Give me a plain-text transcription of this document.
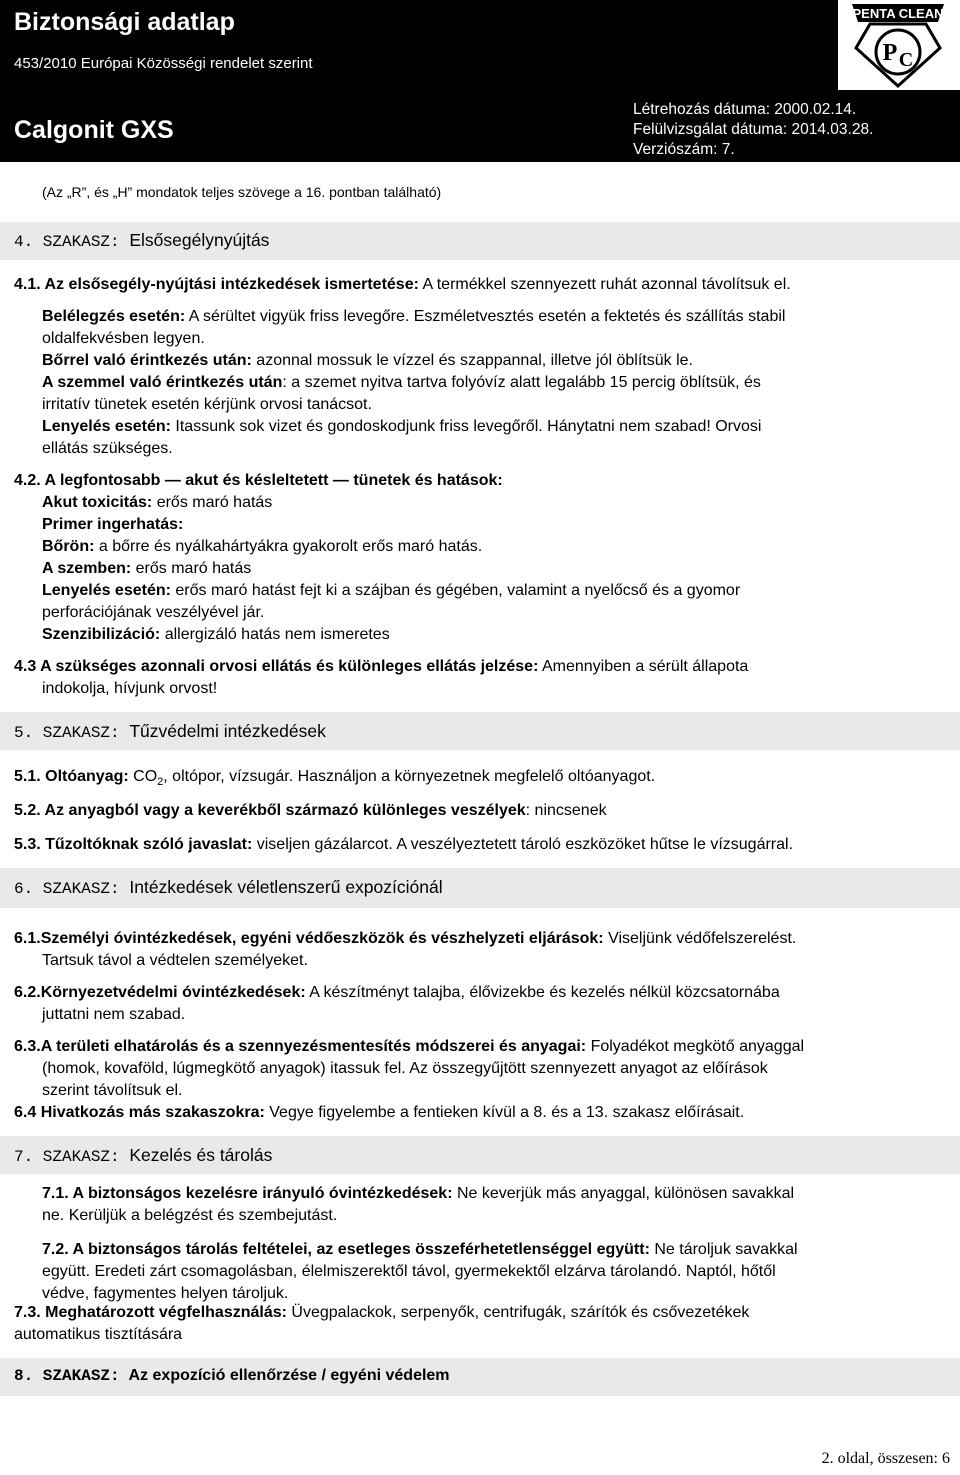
Biztonsági adatlap
453/2010 Európai Közösségi rendelet szerint
Calgonit GXS
Létrehozás dátuma: 2000.02.14.
Felülvizsgálat dátuma: 2014.03.28.
Verziószám: 7.
PENTA CLEAN
P C
(Az „R”, és „H” mondatok teljes szövege a 16. pontban található)
4. SZAKASZ: Elsősegélynyújtás
4.1. Az elsősegély-nyújtási intézkedések ismertetése: A termékkel szennyezett ruhát azonnal távolítsuk el.
Belélegzés esetén: A sérültet vigyük friss levegőre. Eszméletvesztés esetén a fektetés és szállítás stabil
oldalfekvésben legyen.
Bőrrel való érintkezés után: azonnal mossuk le vízzel és szappannal, illetve jól öblítsük le.
A szemmel való érintkezés után: a szemet nyitva tartva folyóvíz alatt legalább 15 percig öblítsük, és
irritatív tünetek esetén kérjünk orvosi tanácsot.
Lenyelés esetén: Itassunk sok vizet és gondoskodjunk friss levegőről. Hánytatni nem szabad! Orvosi
ellátás szükséges.
4.2. A legfontosabb — akut és késleltetett — tünetek és hatások:
Akut toxicitás: erős maró hatás
Primer ingerhatás:
Bőrön: a bőrre és nyálkahártyákra gyakorolt erős maró hatás.
A szemben: erős maró hatás
Lenyelés esetén: erős maró hatást fejt ki a szájban és gégében, valamint a nyelőcső és a gyomor
perforációjának veszélyével jár.
Szenzibilizáció: allergizáló hatás nem ismeretes
4.3 A szükséges azonnali orvosi ellátás és különleges ellátás jelzése: Amennyiben a sérült állapota
indokolja, hívjunk orvost!
5. SZAKASZ: Tűzvédelmi intézkedések
5.1. Oltóanyag: $CO_2$, oltópor, vízsugár. Használjon a környezetnek megfelelő oltóanyagot.
5.2. Az anyagból vagy a keverékből származó különleges veszélyek: nincsenek
5.3. Tűzoltóknak szóló javaslat: viseljen gázálarcot. A veszélyeztetett tároló eszközöket hűtse le vízsugárral.
6. SZAKASZ: Intézkedések véletlenszerű expozíciónál
6.1.Személyi óvintézkedések, egyéni védőeszközök és vészhelyzeti eljárások: Viseljünk védőfelszerelést.
Tartsuk távol a védtelen személyeket.
6.2.Környezetvédelmi óvintézkedések: A készítményt talajba, élővizekbe és kezelés nélkül közcsatornába
juttatni nem szabad.
6.3.A területi elhatárolás és a szennyezésmentesítés módszerei és anyagai: Folyadékot megkötő anyaggal
(homok, kovaföld, lúgmegkötő anyagok) itassuk fel. Az összegyűjtött szennyezett anyagot az előírások
szerint távolítsuk el.
6.4 Hivatkozás más szakaszokra: Vegye figyelembe a fentieken kívül a 8. és a 13. szakasz előírásait.
7. SZAKASZ: Kezelés és tárolás
7.1. A biztonságos kezelésre irányuló óvintézkedések: Ne keverjük más anyaggal, különösen savakkal
ne. Kerüljük a belégzést és szembejutást.
7.2. A biztonságos tárolás feltételei, az esetleges összeférhetetlenséggel együtt: Ne tároljuk savakkal
együtt. Eredeti zárt csomagolásban, élelmiszerektől távol, gyermekektől elzárva tárolandó. Naptól, hőtől
védve, fagymentes helyen tároljuk.
7.3. Meghatározott végfelhasználás: Üvegpalackok, serpenyők, centrifugák, szárítók és csővezetékek
automatikus tisztítására
8. SZAKASZ: Az expozíció ellenőrzése / egyéni védelem
2. oldal, összesen: 6
